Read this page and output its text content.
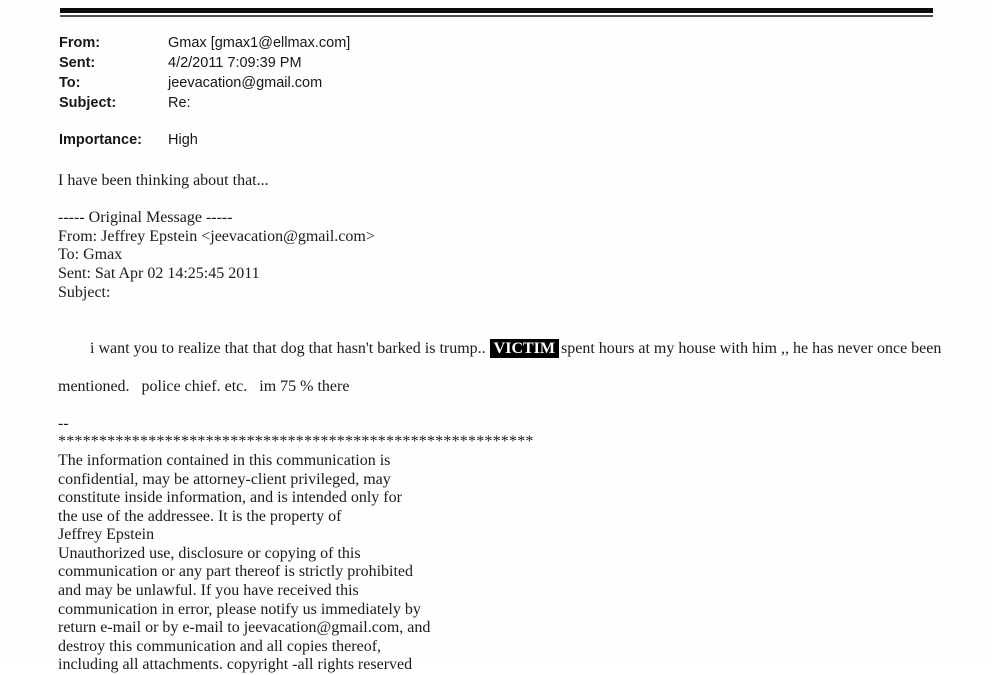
From:	Gmax [gmax1@ellmax.com]
Sent:	4/2/2011 7:09:39 PM
To:	jeevacation@gmail.com
Subject:	Re:
Importance:	High
I have been thinking about that...
----- Original Message -----
From: Jeffrey Epstein <jeevacation@gmail.com>
To: Gmax
Sent: Sat Apr 02 14:25:45 2011
Subject:

i want you to realize that that dog that hasn't barked is trump.. VICTIM spent hours at my house with him ,, he has never once been

mentioned.   police chief. etc.   im 75 % there
--
**********************************************************
The information contained in this communication is
confidential, may be attorney-client privileged, may
constitute inside information, and is intended only for
the use of the addressee. It is the property of
Jeffrey Epstein
Unauthorized use, disclosure or copying of this
communication or any part thereof is strictly prohibited
and may be unlawful. If you have received this
communication in error, please notify us immediately by
return e-mail or by e-mail to jeevacation@gmail.com, and
destroy this communication and all copies thereof,
including all attachments. copyright -all rights reserved
